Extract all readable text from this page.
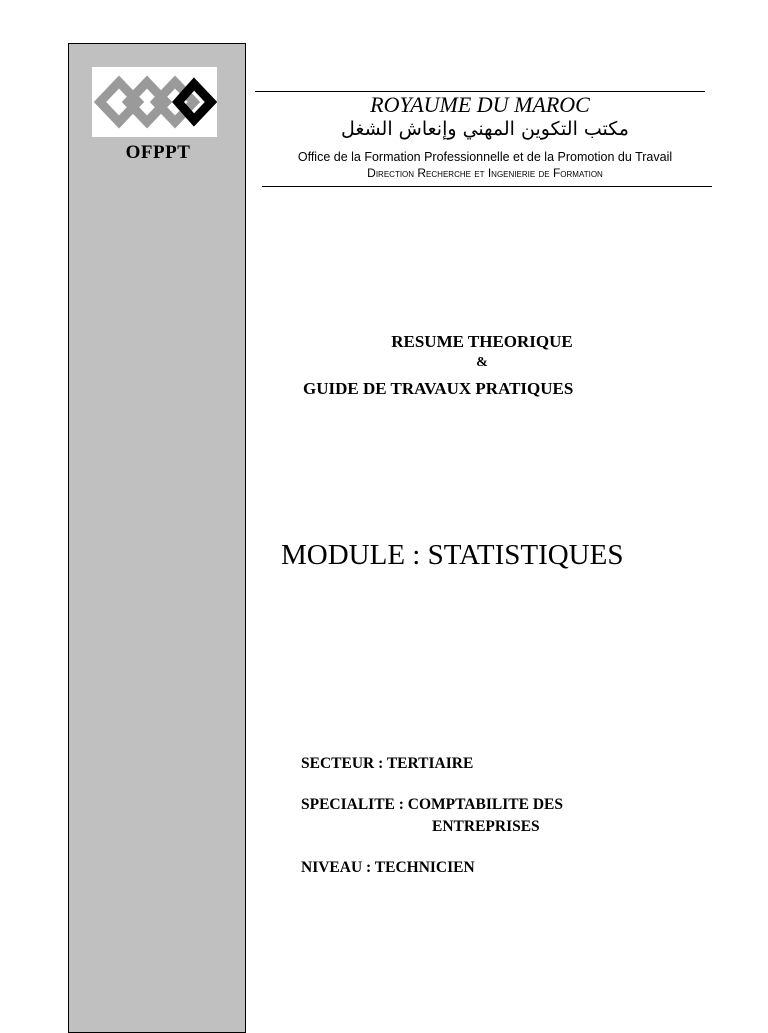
OFPPT
ROYAUME DU MAROC
مكتب التكوين المهني وإنعاش الشغل
Office de la Formation Professionnelle et de la Promotion du Travail
Direction Recherche et Ingenierie de Formation
RESUME THEORIQUE
&
GUIDE DE TRAVAUX PRATIQUES
MODULE : STATISTIQUES
SECTEUR : TERTIAIRE
SPECIALITE : COMPTABILITE DES
ENTREPRISES
NIVEAU : TECHNICIEN
